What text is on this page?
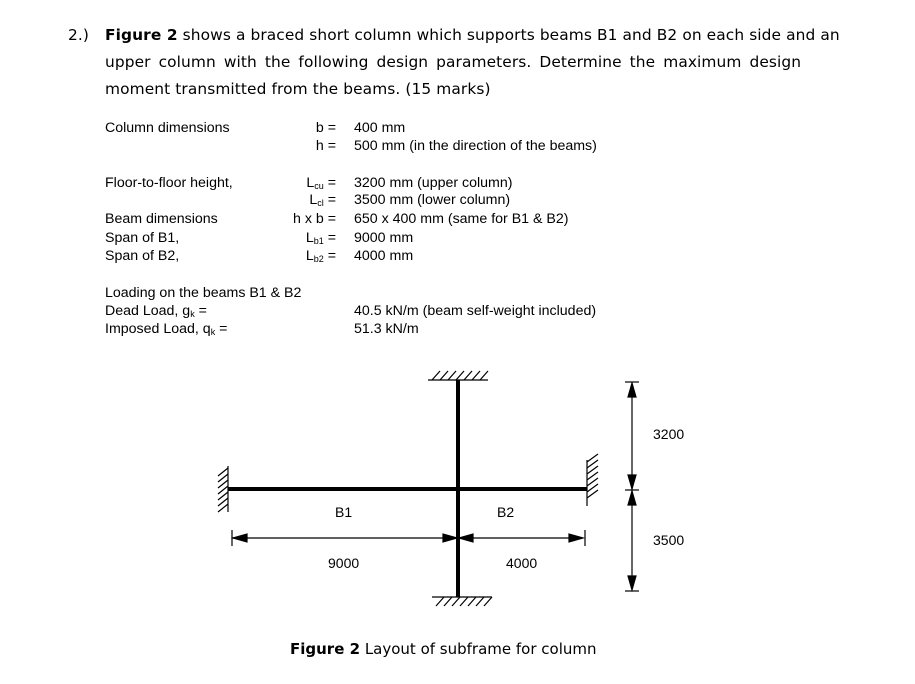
2.) Figure 2 shows a braced short column which supports beams B1 and B2 on each side and an
upper column with the following design parameters. Determine the maximum design
moment transmitted from the beams. (15 marks)
Column dimensions	b = 400 mm
h = 500 mm (in the direction of the beams)
Floor-to-floor height,	$L_{cu} = 3200$ mm (upper column)
$L_{cl} = 3500$ mm (lower column)
Beam dimensions	h x b = 650 x 400 mm (same for B1 & B2)
Span of B1,	$L_{b1} = 9000$ mm
Span of B2,	$L_{b2} = 4000$ mm
Loading on the beams B1 & B2
Dead Load, $g_k$ =	40.5 kN/m (beam self-weight included)
Imposed Load, $q_k$ =	51.3 kN/m
B1	B2
9000	4000
3200
3500
Figure 2 Layout of subframe for column
